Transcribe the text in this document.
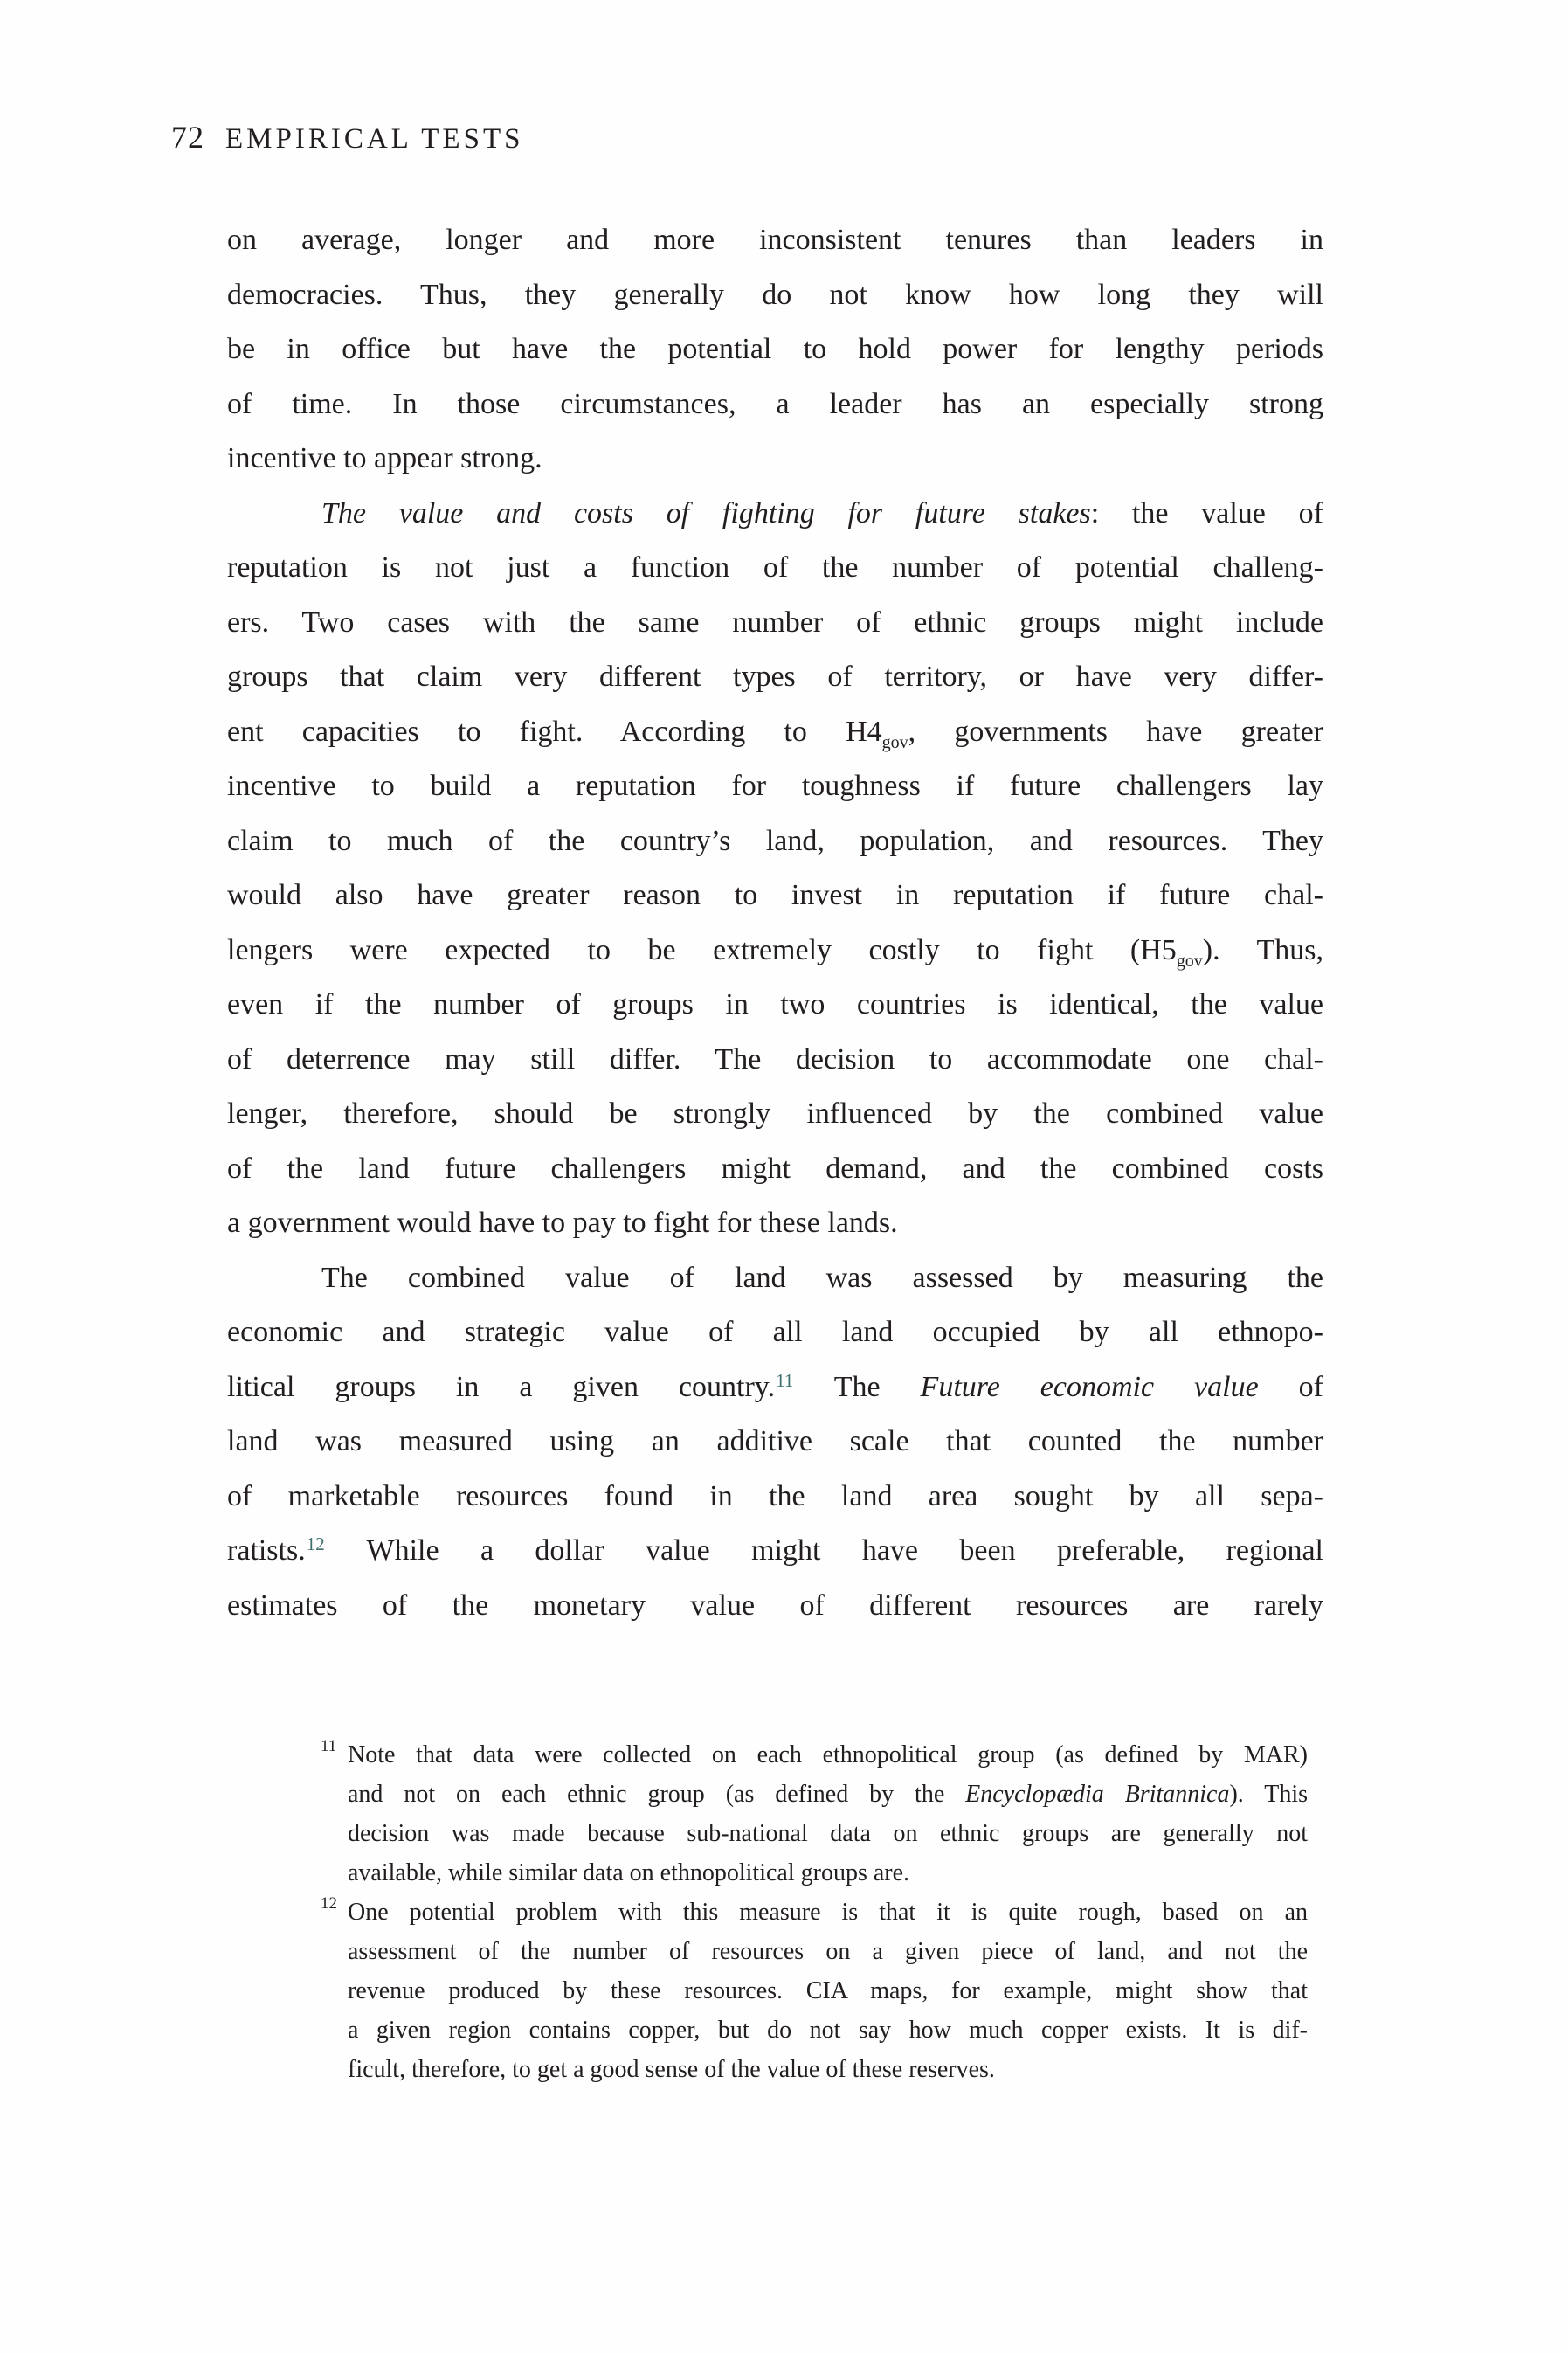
72 EMPIRICAL TESTS
on average, longer and more inconsistent tenures than leaders in
democracies. Thus, they generally do not know how long they will
be in office but have the potential to hold power for lengthy periods
of time. In those circumstances, a leader has an especially strong
incentive to appear strong.
The value and costs of fighting for future stakes: the value of
reputation is not just a function of the number of potential challeng-
ers. Two cases with the same number of ethnic groups might include
groups that claim very different types of territory, or have very differ-
ent capacities to fight. According to $H4_{gov}$, governments have greater
incentive to build a reputation for toughness if future challengers lay
claim to much of the country’s land, population, and resources. They
would also have greater reason to invest in reputation if future chal-
lengers were expected to be extremely costly to fight $(H5_{gov})$. Thus,
even if the number of groups in two countries is identical, the value
of deterrence may still differ. The decision to accommodate one chal-
lenger, therefore, should be strongly influenced by the combined value
of the land future challengers might demand, and the combined costs
a government would have to pay to fight for these lands.
The combined value of land was assessed by measuring the
economic and strategic value of all land occupied by all ethnopo-
litical groups in a given country.$^{11}$ The Future economic value of
land was measured using an additive scale that counted the number
of marketable resources found in the land area sought by all sepa-
ratists.$^{12}$ While a dollar value might have been preferable, regional
estimates of the monetary value of different resources are rarely
11 Note that data were collected on each ethnopolitical group (as defined by MAR)
and not on each ethnic group (as defined by the Encyclopædia Britannica). This
decision was made because sub-national data on ethnic groups are generally not
available, while similar data on ethnopolitical groups are.
12 One potential problem with this measure is that it is quite rough, based on an
assessment of the number of resources on a given piece of land, and not the
revenue produced by these resources. CIA maps, for example, might show that
a given region contains copper, but do not say how much copper exists. It is dif-
ficult, therefore, to get a good sense of the value of these reserves.
